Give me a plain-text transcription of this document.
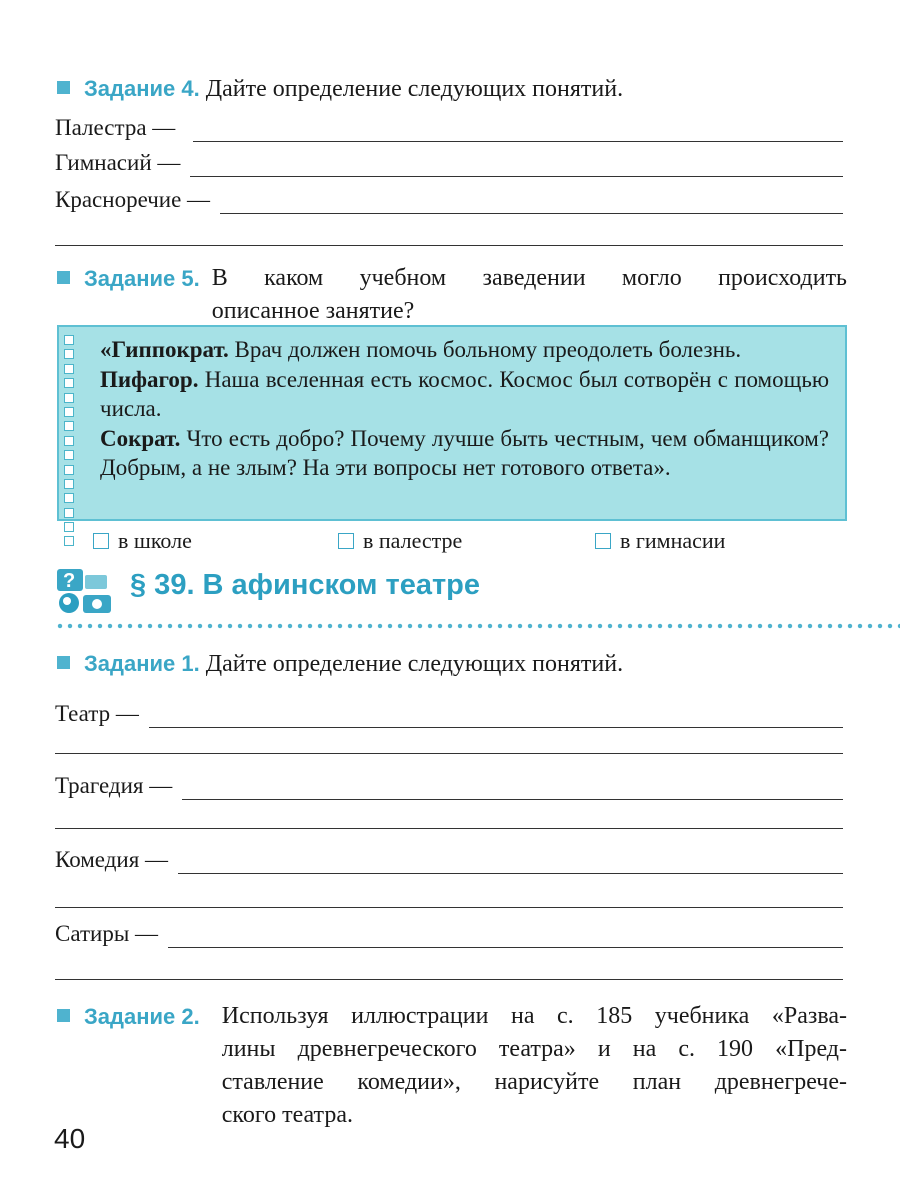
Задание 4. Дайте определение следующих понятий.
Палестра —
Гимнасий —
Красноречие —
Задание 5. В каком учебном заведении могло происходить
описанное занятие?

«Гиппократ. Врач должен помочь больному преодолеть болезнь.

Пифагор. Наша вселенная есть космос. Космос был сотворён с помощью числа.

Сократ. Что есть добро? Почему лучше быть честным, чем обманщиком? Добрым, а не злым? На эти вопросы нет готового ответа».

в школе	в палестре	в гимнасии
? § 39. В афинском театре
Задание 1. Дайте определение следующих понятий.
Театр —
Трагедия —
Комедия —
Сатиры —
Задание 2. Используя иллюстрации на с. 185 учебника «Разва-
лины древнегреческого театра» и на с. 190 «Пред-
ставление комедии», нарисуйте план древнегрече-
ского театра.
40
